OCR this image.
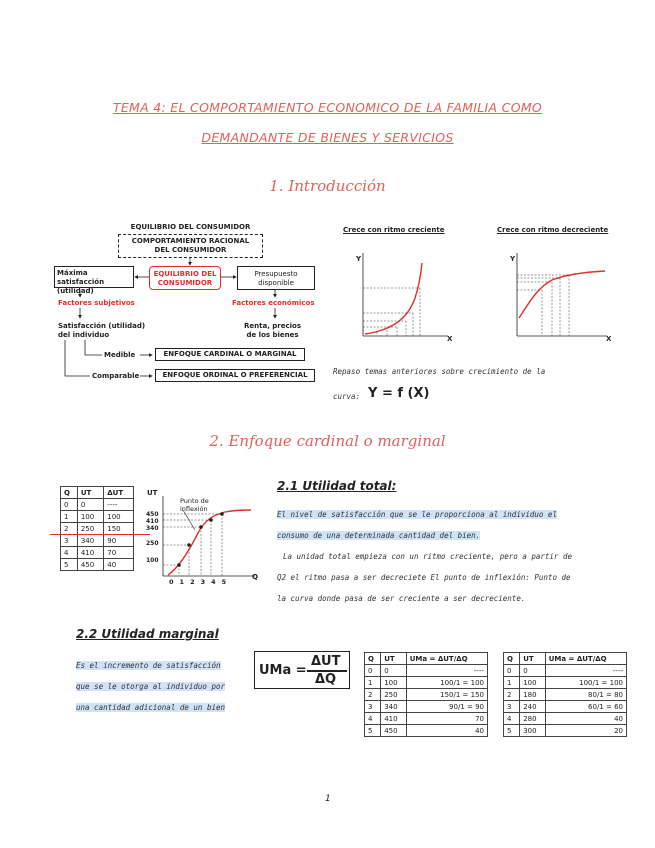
TEMA 4: EL COMPORTAMIENTO ECONOMICO DE LA FAMILIA COMO
DEMANDANTE DE BIENES Y SERVICIOS
1. Introducción
EQUILIBRIO DEL CONSUMIDOR
COMPORTAMIENTO RACIONAL
DEL CONSUMIDOR
Máxima satisfacción
(utilidad)
EQUILIBRIO DEL
CONSUMIDOR
Presupuesto
disponible
Factores subjetivos	Factores económicos
Satisfacción (utilidad)
del individuo
Renta, precios
de los bienes
Medible	ENFOQUE CARDINAL O MARGINAL
Comparable	ENFOQUE ORDINAL O PREFERENCIAL
Crece con ritmo creciente	Crece con ritmo decreciente
Y
X
Y
X
Repaso temas anteriores sobre crecimiento de la
curva: Y = f (X)
2. Enfoque cardinal o marginal
Q	UT	ΔUT
0	0	----
1	100	100
2	250	150
3	340	90
4	410	70
5	450	40
UT
Q
Punto de
inflexión
450
410
340
250
100
0 1 2 3 4 5
2.1 Utilidad total:
El nivel de satisfacción que se le proporciona al individuo el
consumo de una determinada cantidad del bien.
La unidad total empieza con un ritmo creciente, pero a partir de
Q2 el ritmo pasa a ser decreciete El punto de inflexión: Punto de
la curva donde pasa de ser creciente a ser decreciente.
2.2 Utilidad marginal
Es el incremento de satisfacción
que se le otorga al individuo por
una cantidad adicional de un bien
UMa =
ΔUT
ΔQ
Q	UT	UMa = ΔUT/ΔQ
0	0	----
1	100	100/1 = 100
2	250	150/1 = 150
3	340	90/1 = 90
4	410	70
5	450	40
Q	UT	UMa = ΔUT/ΔQ
0	0	----
1	100	100/1 = 100
2	180	80/1 = 80
3	240	60/1 = 60
4	280	40
5	300	20
1
